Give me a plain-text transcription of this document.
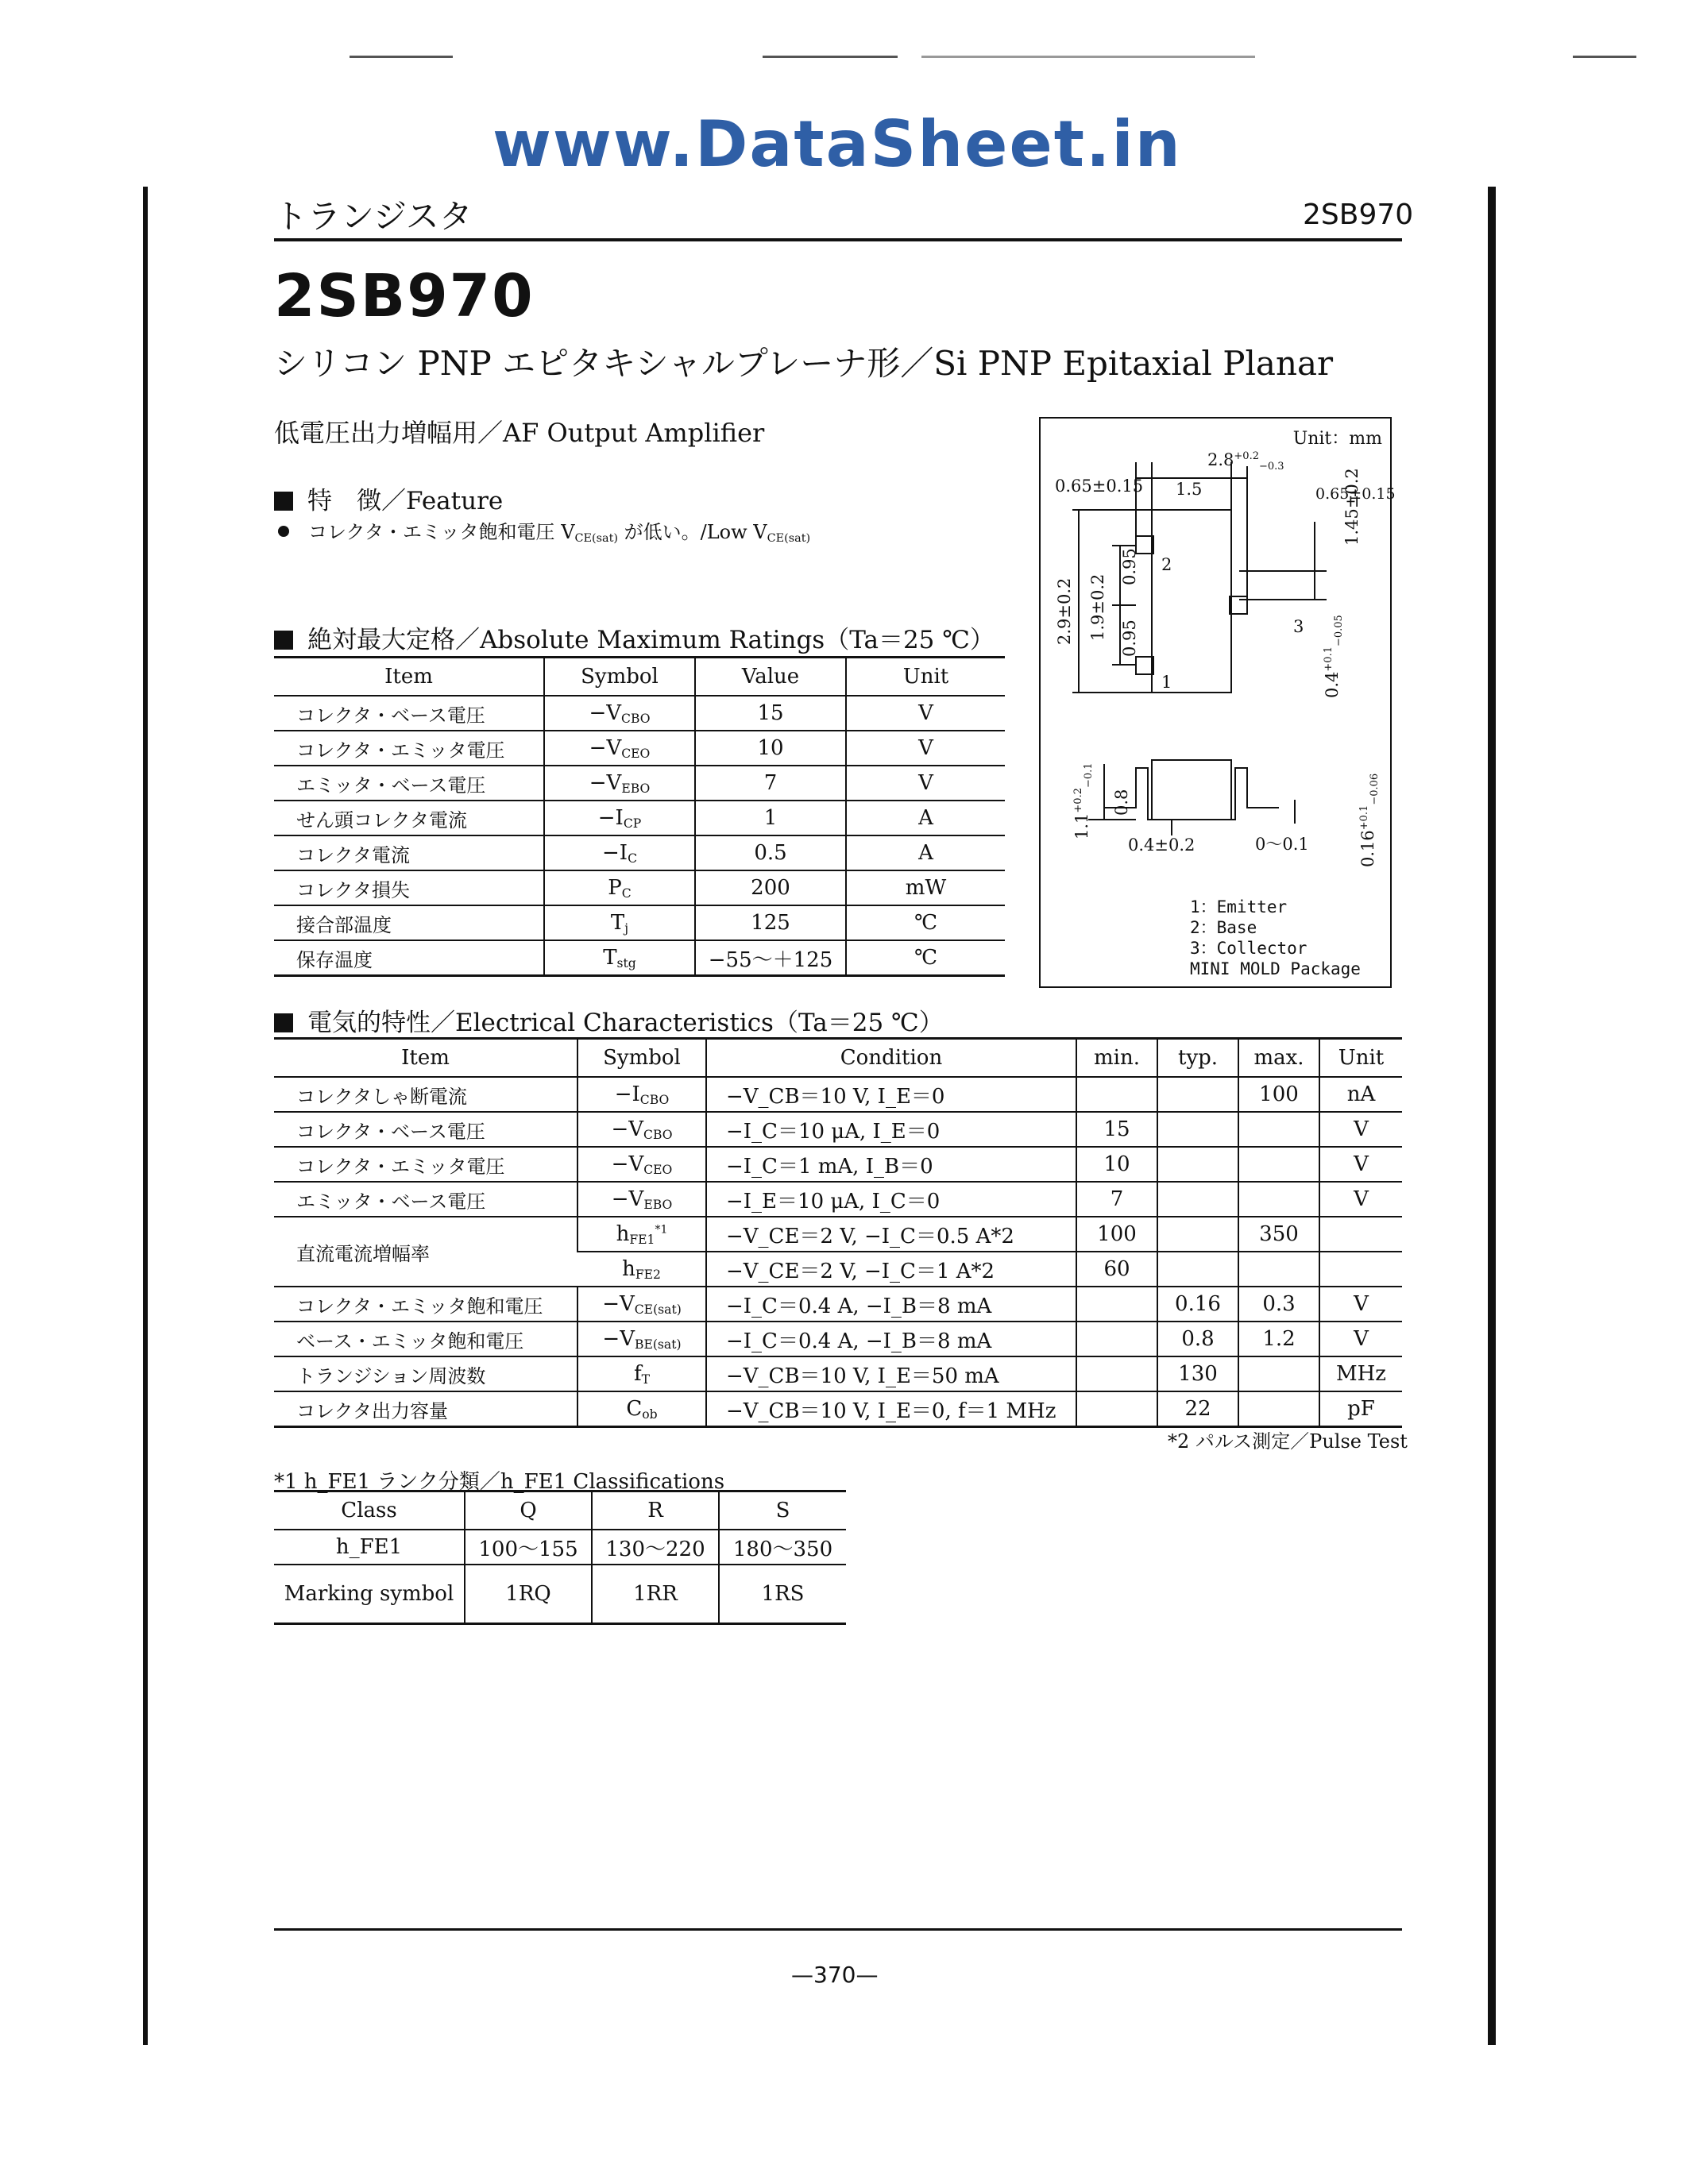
www.DataSheet.in
トランジスタ	2SB970
2SB970
シリコン PNP エピタキシャルプレーナ形／Si PNP Epitaxial Planar
低電圧出力増幅用／AF Output Amplifier
特　徴／Feature
コレクタ・エミッタ飽和電圧 $V_{CE(sat)}$ が低い。/Low $V_{CE(sat)}$
絶対最大定格／Absolute Maximum Ratings（Ta＝25 ℃）
Item	Symbol	Value	Unit
コレクタ・ベース電圧	$-V_{CBO}$	15	V
コレクタ・エミッタ電圧	$-V_{CEO}$	10	V
エミッタ・ベース電圧	$-V_{EBO}$	7	V
せん頭コレクタ電流	$-I_{CP}$	1	A
コレクタ電流	$-I_C$	0.5	A
コレクタ損失	$P_C$	200	mW
接合部温度	$T_j$	125	℃
保存温度	$T_{stg}$	−55～＋125	℃
Unit：mm
$2.8^{+0.2}_{-0.3}$
0.65±0.15 1.5	0.65±0.15
1.45±0.2
2.9±0.2 1.9±0.2
0.95
0.95
$0.4^{+0.1}_{-0.05}$
2
1
3
$1.1^{+0.2}_{-0.1}$
0.8
$0.16^{+0.1}_{-0.06}$
0.4±0.2	0～0.1
1：Emitter
2：Base
3：Collector
MINI MOLD Package
電気的特性／Electrical Characteristics（Ta＝25 ℃）
Item	Symbol	Condition	min.	typ.	max.	Unit
コレクタしゃ断電流	$-I_{CBO}$	−V_CB＝10 V, I_E＝0			100	nA
コレクタ・ベース電圧	$-V_{CBO}$	−I_C＝10 μA, I_E＝0	15			V
コレクタ・エミッタ電圧	$-V_{CEO}$	−I_C＝1 mA, I_B＝0	10			V
エミッタ・ベース電圧	$-V_{EBO}$	−I_E＝10 μA, I_C＝0	7			V
直流電流増幅率	$h_{FE1}^{*1}$	−V_CE＝2 V, −I_C＝0.5 A*2	100		350	
	$h_{FE2}$	−V_CE＝2 V, −I_C＝1 A*2	60			
コレクタ・エミッタ飽和電圧	$-V_{CE(sat)}$	−I_C＝0.4 A, −I_B＝8 mA		0.16	0.3	V
ベース・エミッタ飽和電圧	$-V_{BE(sat)}$	−I_C＝0.4 A, −I_B＝8 mA		0.8	1.2	V
トランジション周波数	$f_T$	−V_CB＝10 V, I_E＝50 mA		130		MHz
コレクタ出力容量	$C_{ob}$	−V_CB＝10 V, I_E＝0, f＝1 MHz		22		pF
*2 パルス測定／Pulse Test
*1 h_FE1 ランク分類／h_FE1 Classifications
Class	Q	R	S
h_FE1	100～155	130～220	180～350
Marking symbol	1RQ	1RR	1RS
—370—
